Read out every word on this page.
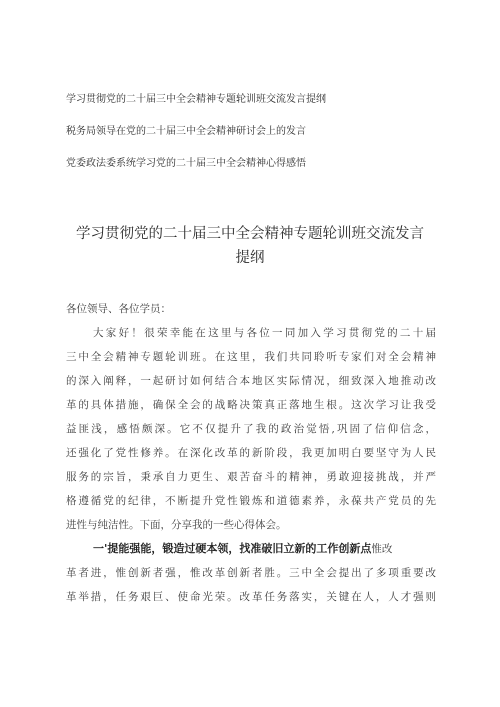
学习贯彻党的二十届三中全会精神专题轮训班交流发言提纲
税务局领导在党的二十届三中全会精神研讨会上的发言
党委政法委系统学习党的二十届三中全会精神心得感悟
学习贯彻党的二十届三中全会精神专题轮训班交流发言
提纲
各位领导、各位学员：
大家好！很荣幸能在这里与各位一同加入学习贯彻党的二十届
三中全会精神专题轮训班。在这里，我们共同聆听专家们对全会精神
的深入阐释，一起研讨如何结合本地区实际情况，细致深入地推动改
革的具体措施，确保全会的战略决策真正落地生根。这次学习让我受
益匪浅，感悟颇深。它不仅提升了我的政治觉悟,巩固了信仰信念，
还强化了党性修养。在深化改革的新阶段，我更加明白要坚守为人民
服务的宗旨，秉承自力更生、艰苦奋斗的精神，勇敢迎接挑战，并严
格遵循党的纪律，不断提升党性锻炼和道德素养，永葆共产党员的先
进性与纯洁性。下面，分享我的一些心得体会。
一'提能强能，锻造过硬本领，找准破旧立新的工作创新点惟改
革者进，惟创新者强，惟改革创新者胜。三中全会提出了多项重要改
革举措，任务艰巨、使命光荣。改革任务落实，关键在人，人才强则
